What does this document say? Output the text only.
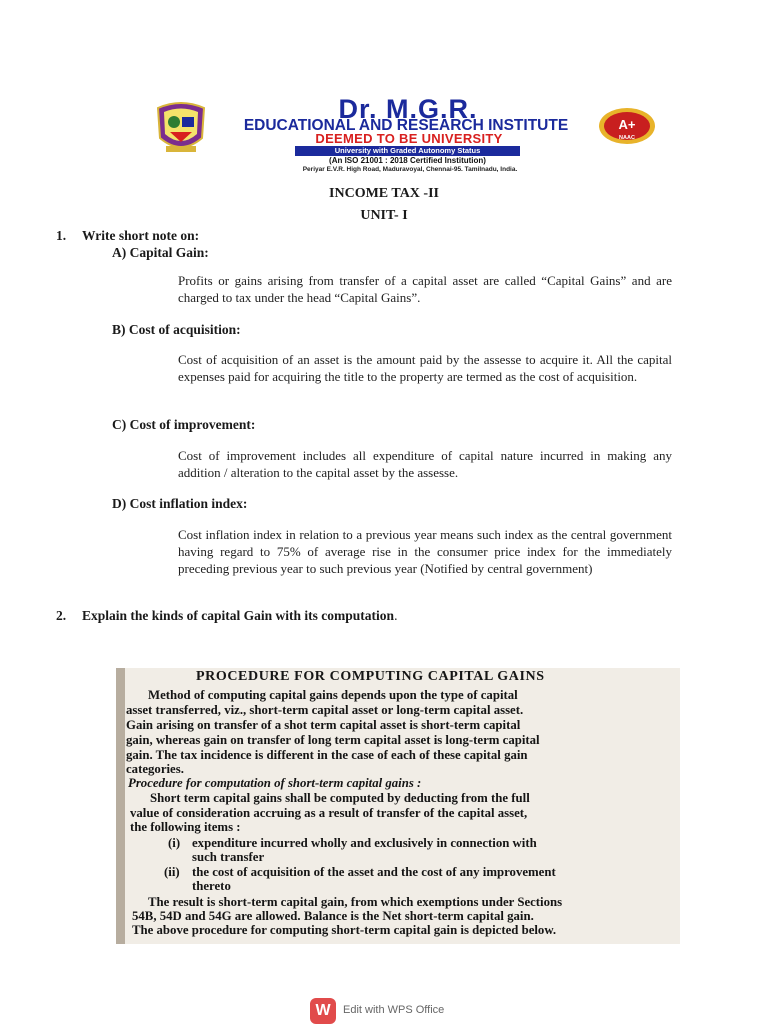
Dr. M.G.R.
EDUCATIONAL AND RESEARCH INSTITUTE
DEEMED TO BE UNIVERSITY
University with Graded Autonomy Status
(An ISO 21001 : 2018 Certified Institution)
Periyar E.V.R. High Road, Maduravoyal, Chennai-95. Tamilnadu, India.
A+
NAAC
INCOME TAX -II
UNIT- I
1. Write short note on:
A) Capital Gain:
Profits or gains arising from transfer of a capital asset are called “Capital Gains” and are charged to tax under the head “Capital Gains”.
B) Cost of acquisition:
Cost of acquisition of an asset is the amount paid by the assesse to acquire it. All the capital expenses paid for acquiring the title to the property are termed as the cost of acquisition.
C) Cost of improvement:
Cost of improvement includes all expenditure of capital nature incurred in making any addition / alteration to the capital asset by the assesse.
D) Cost inflation index:
Cost inflation index in relation to a previous year means such index as the central government having regard to 75% of average rise in the consumer price index for the immediately preceding previous year to such previous year (Notified by central government)
2. Explain the kinds of capital Gain with its computation.
PROCEDURE FOR COMPUTING CAPITAL GAINS
Method of computing capital gains depends upon the type of capital
asset transferred, viz., short-term capital asset or long-term capital asset.
Gain arising on transfer of a shot term capital asset is short-term capital
gain, whereas gain on transfer of long term capital asset is long-term capital
gain. The tax incidence is different in the case of each of these capital gain
categories.
Procedure for computation of short-term capital gains :
Short term capital gains shall be computed by deducting from the full
value of consideration accruing as a result of transfer of the capital asset,
the following items :
(i) expenditure incurred wholly and exclusively in connection with
such transfer
(ii) the cost of acquisition of the asset and the cost of any improvement
thereto
The result is short-term capital gain, from which exemptions under Sections
54B, 54D and 54G are allowed. Balance is the Net short-term capital gain.
The above procedure for computing short-term capital gain is depicted below.
W	Edit with WPS Office
